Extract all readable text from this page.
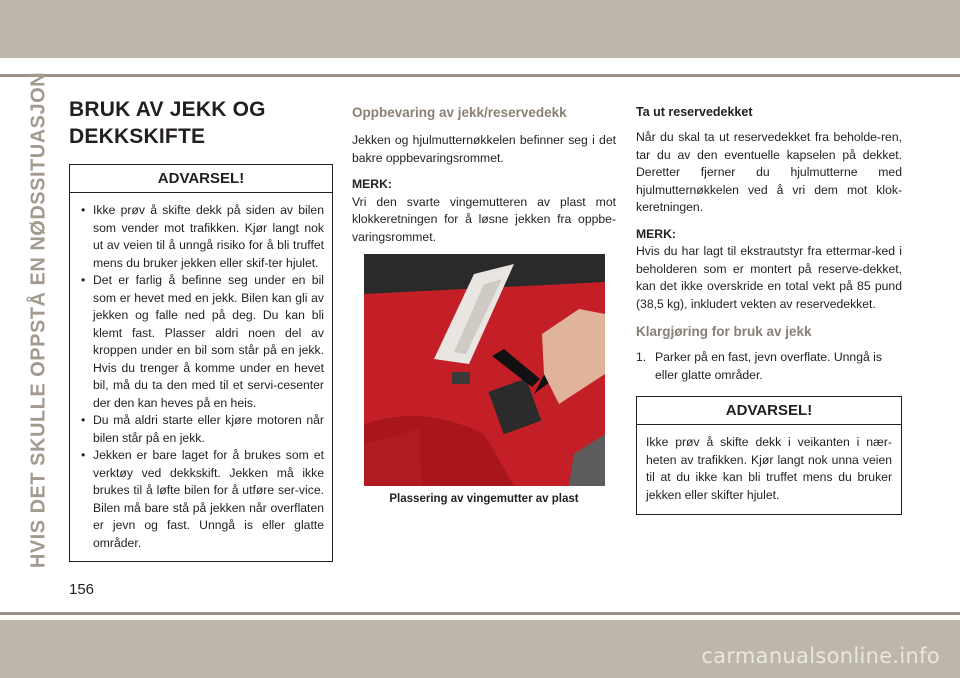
HVIS DET SKULLE OPPSTÅ EN NØDSSITUASJON BRUK AV JEKK OG
DEKKSKIFTE
ADVARSEL!
• Ikke prøv å skifte dekk på siden av bilen som vender mot trafikken. Kjør langt nok ut av veien til å unngå risiko for å bli truffet mens du bruker jekken eller skif-ter hjulet.
• Det er farlig å befinne seg under en bil som er hevet med en jekk. Bilen kan gli av jekken og falle ned på deg. Du kan bli klemt fast. Plasser aldri noen del av kroppen under en bil som står på en jekk. Hvis du trenger å komme under en hevet bil, må du ta den med til et servi-cesenter der den kan heves på en heis.
• Du må aldri starte eller kjøre motoren når bilen står på en jekk.
• Jekken er bare laget for å brukes som et verktøy ved dekkskift. Jekken må ikke brukes til å løfte bilen for å utføre ser-vice. Bilen må bare stå på jekken når overflaten er jevn og fast. Unngå is eller glatte områder.
Oppbevaring av jekk/reservedekk

Jekken og hjulmutternøkkelen befinner seg i det bakre oppbevaringsrommet.

MERK:

Vri den svarte vingemutteren av plast mot klokkeretningen for å løsne jekken fra oppbe-varingsrommet.

Plassering av vingemutter av plast
Ta ut reservedekket

Når du skal ta ut reservedekket fra beholde-ren, tar du av den eventuelle kapselen på dekket. Deretter fjerner du hjulmutterne med hjulmutternøkkelen ved å vri dem mot klok-keretningen.

MERK:

Hvis du har lagt til ekstrautstyr fra ettermar-ked i beholderen som er montert på reserve-dekket, kan det ikke overskride en total vekt på 85 pund (38,5 kg), inkludert vekten av reservedekket.

Klargjøring for bruk av jekk
1. Parker på en fast, jevn overflate. Unngå is eller glatte områder.
ADVARSEL!
Ikke prøv å skifte dekk i veikanten i nær-heten av trafikken. Kjør langt nok unna veien til at du ikke kan bli truffet mens du bruker jekken eller skifter hjulet.
156
carmanualsonline.info
